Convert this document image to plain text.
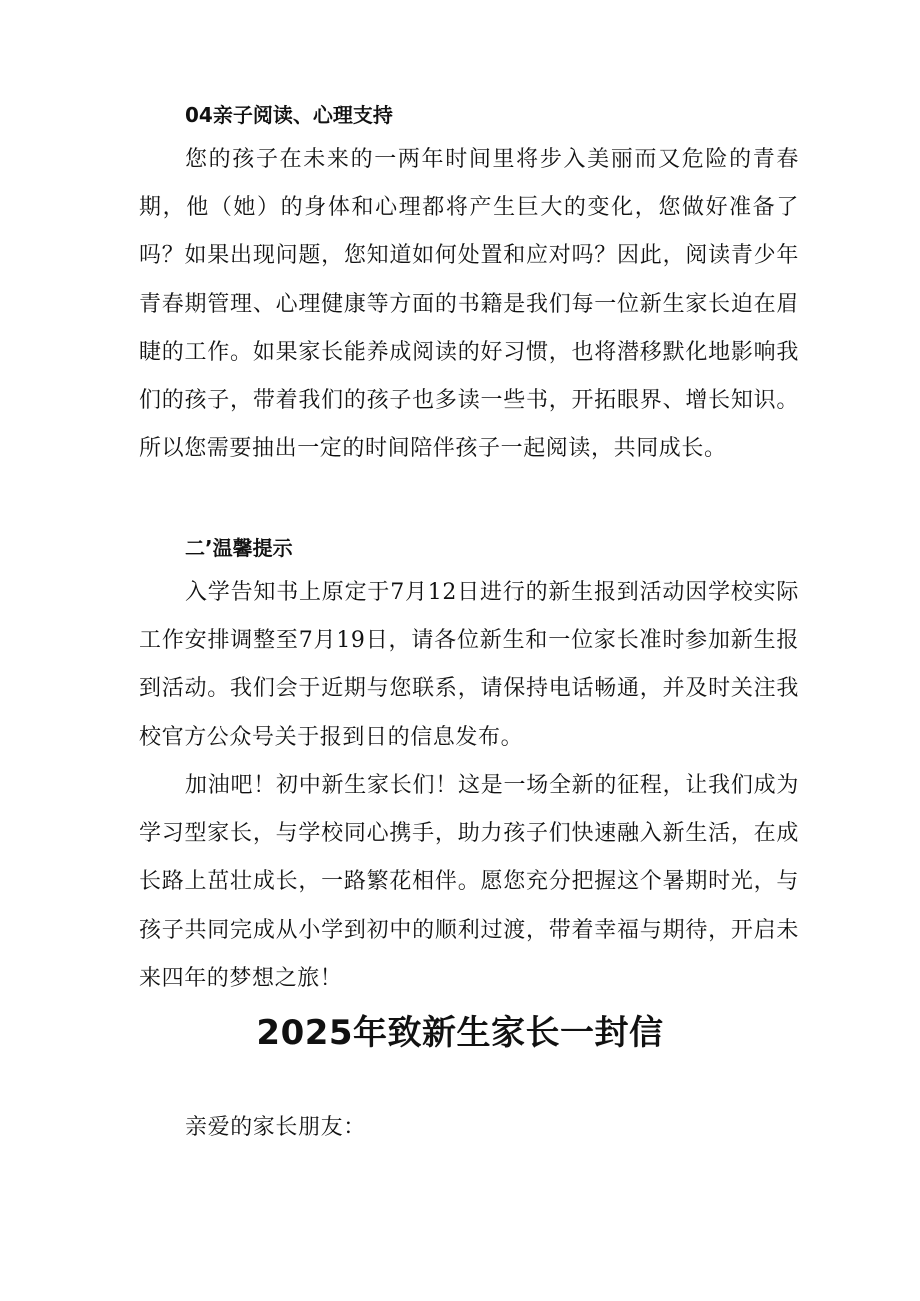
04亲子阅读、心理支持

您的孩子在未来的一两年时间里将步入美丽而又危险的青春期，他（她）的身体和心理都将产生巨大的变化，您做好准备了吗？如果出现问题，您知道如何处置和应对吗？因此，阅读青少年青春期管理、心理健康等方面的书籍是我们每一位新生家长迫在眉睫的工作。如果家长能养成阅读的好习惯，也将潜移默化地影响我们的孩子，带着我们的孩子也多读一些书，开拓眼界、增长知识。所以您需要抽出一定的时间陪伴孩子一起阅读，共同成长。

二’温馨提示

入学告知书上原定于7月12日进行的新生报到活动因学校实际工作安排调整至7月19日，请各位新生和一位家长准时参加新生报到活动。我们会于近期与您联系，请保持电话畅通，并及时关注我校官方公众号关于报到日的信息发布。

加油吧！初中新生家长们！这是一场全新的征程，让我们成为学习型家长，与学校同心携手，助力孩子们快速融入新生活，在成长路上茁壮成长，一路繁花相伴。愿您充分把握这个暑期时光，与孩子共同完成从小学到初中的顺利过渡，带着幸福与期待，开启未来四年的梦想之旅！

2025年致新生家长一封信

亲爱的家长朋友：
